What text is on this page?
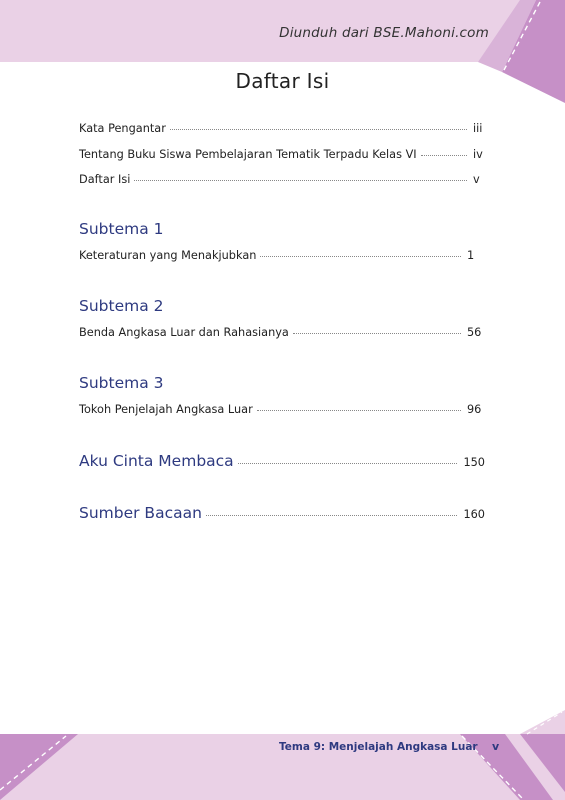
Diunduh dari BSE.Mahoni.com
Daftar Isi
Kata Pengantar	iii
Tentang Buku Siswa Pembelajaran Tematik Terpadu Kelas VI	iv
Daftar Isi	v
Subtema 1
Keteraturan yang Menakjubkan	1
Subtema 2
Benda Angkasa Luar dan Rahasianya	56
Subtema 3
Tokoh Penjelajah Angkasa Luar	96
Aku Cinta Membaca	150
Sumber Bacaan	160
Tema 9: Menjelajah Angkasa Luar v
